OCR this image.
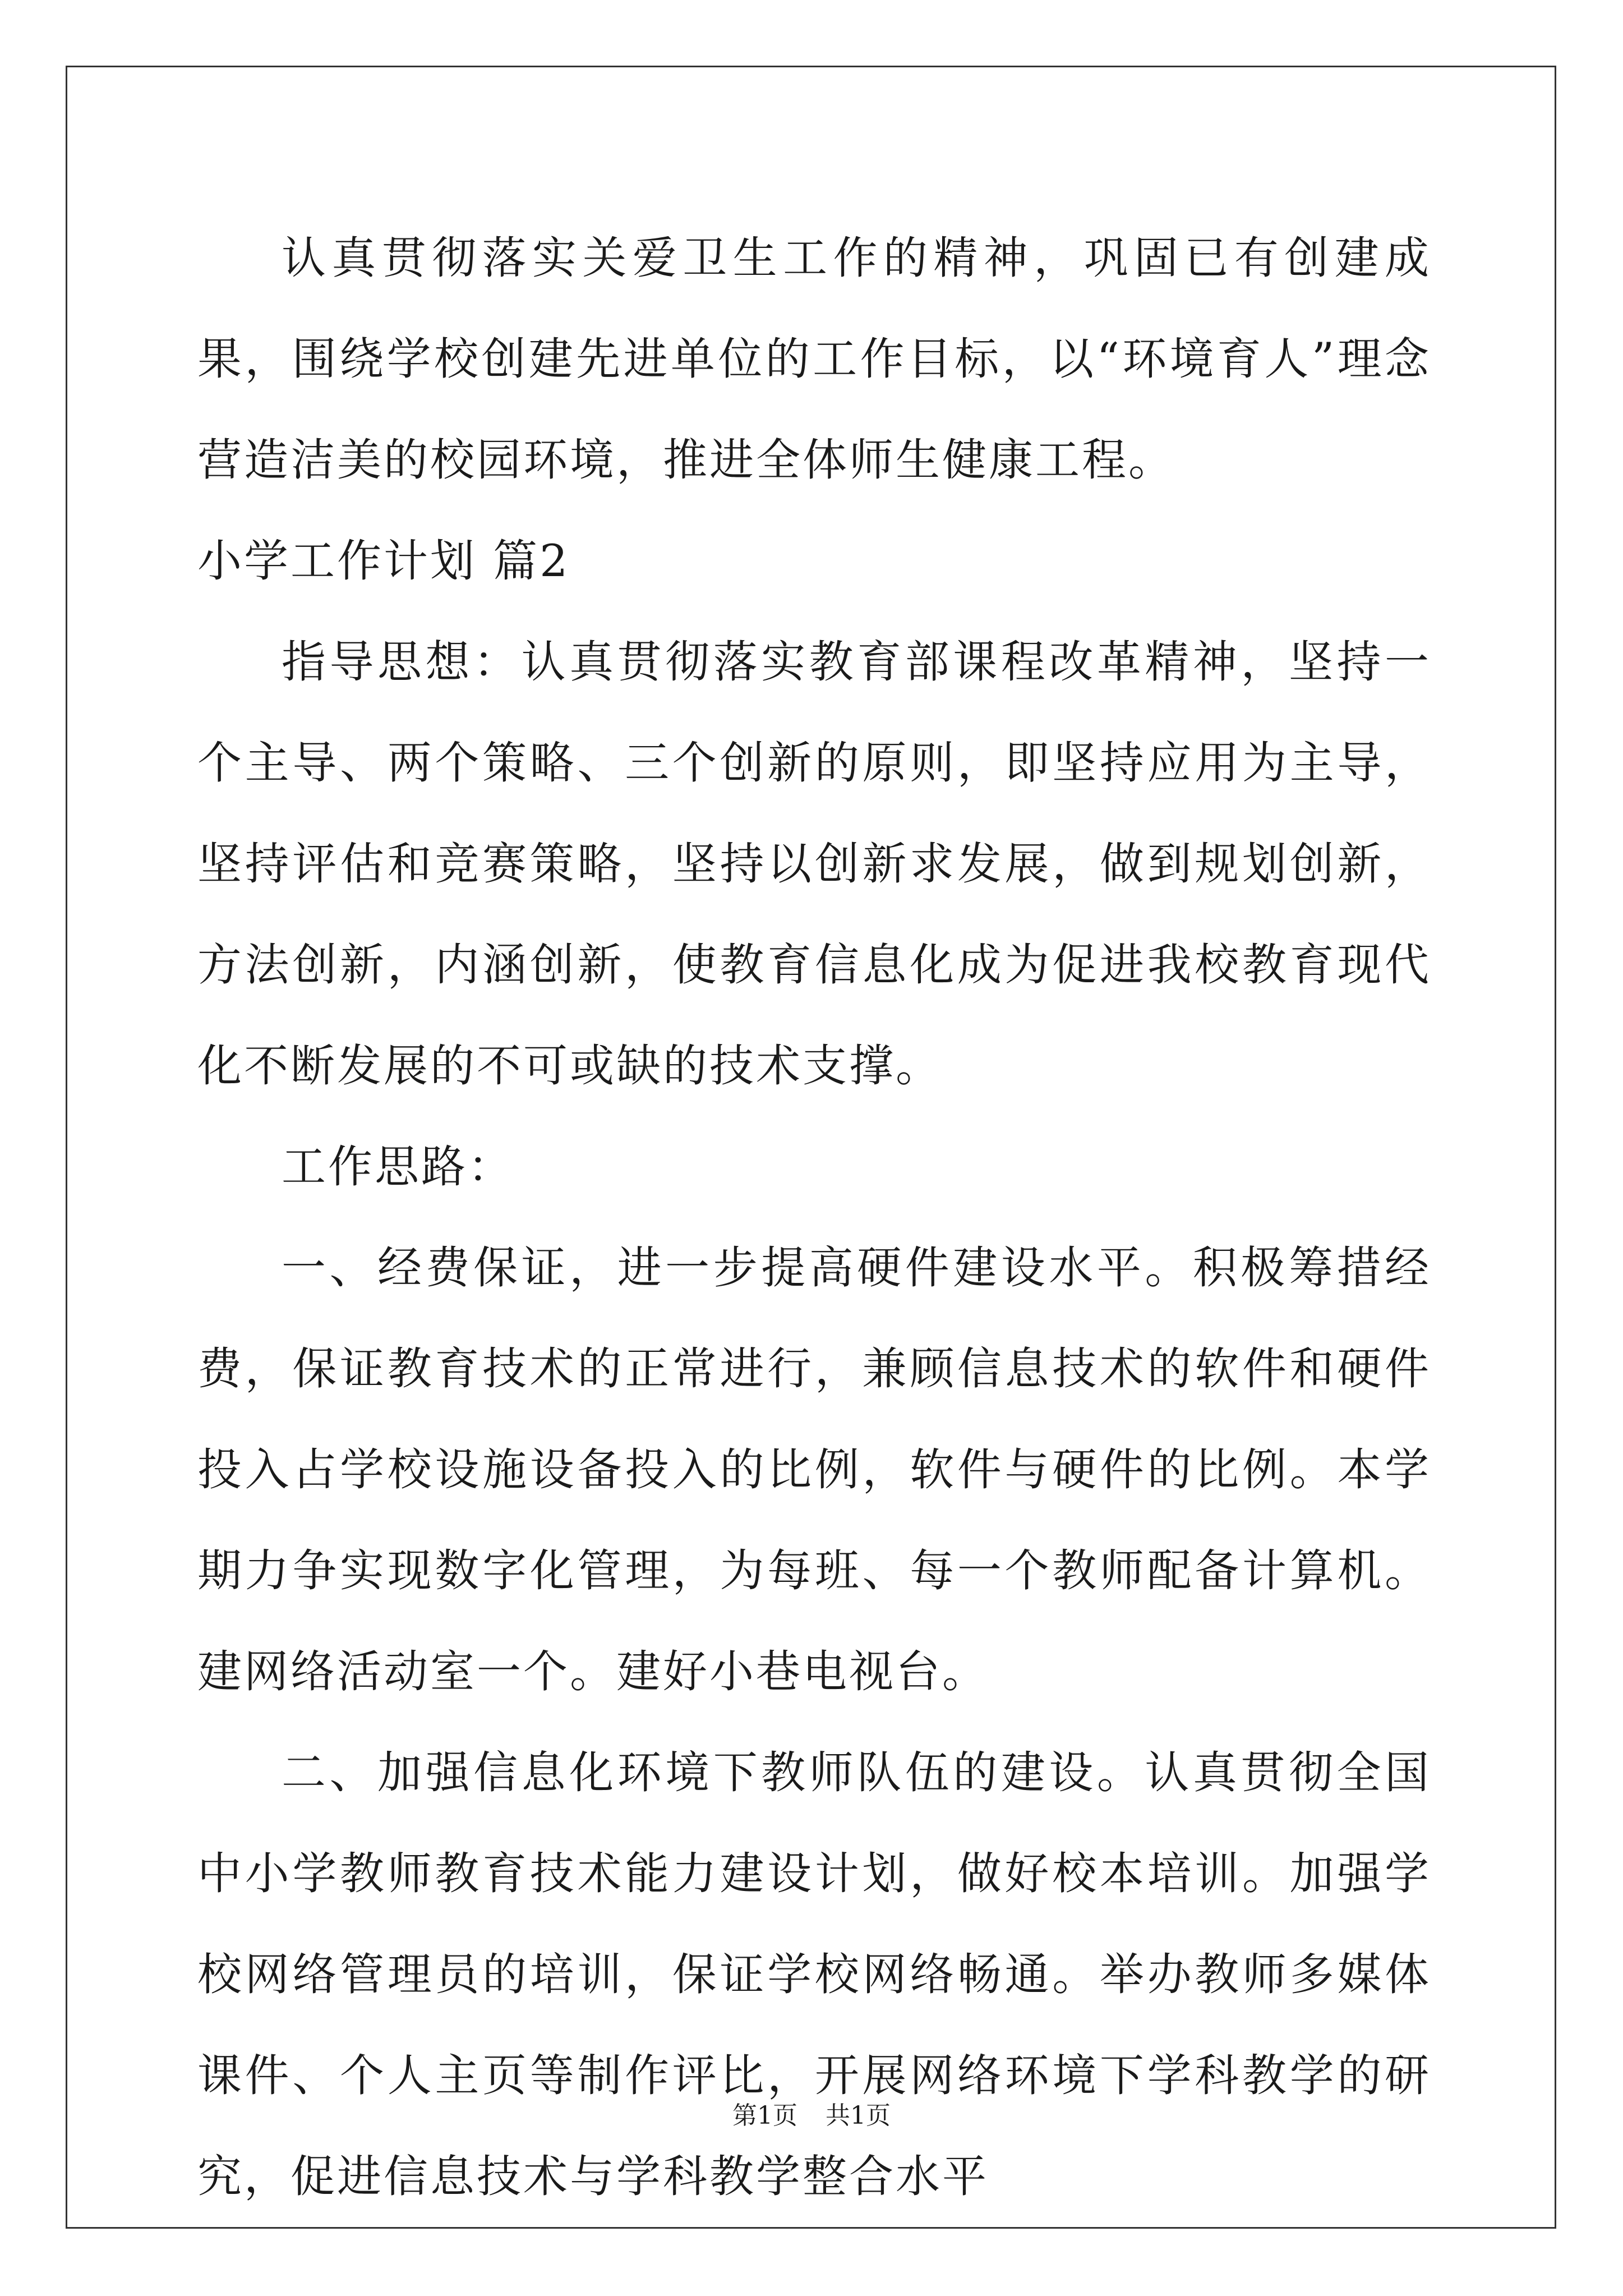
认真贯彻落实关爱卫生工作的精神，巩固已有创建成果，围绕学校创建先进单位的工作目标，以“环境育人”理念营造洁美的校园环境，推进全体师生健康工程。

小学工作计划 篇2

指导思想：认真贯彻落实教育部课程改革精神，坚持一个主导、两个策略、三个创新的原则，即坚持应用为主导，坚持评估和竞赛策略，坚持以创新求发展，做到规划创新，方法创新，内涵创新，使教育信息化成为促进我校教育现代化不断发展的不可或缺的技术支撑。

工作思路：

一、经费保证，进一步提高硬件建设水平。积极筹措经费，保证教育技术的正常进行，兼顾信息技术的软件和硬件投入占学校设施设备投入的比例，软件与硬件的比例。本学期力争实现数字化管理，为每班、每一个教师配备计算机。建网络活动室一个。建好小巷电视台。

二、加强信息化环境下教师队伍的建设。认真贯彻全国中小学教师教育技术能力建设计划，做好校本培训。加强学校网络管理员的培训，保证学校网络畅通。举办教师多媒体课件、个人主页等制作评比，开展网络环境下学科教学的研究，促进信息技术与学科教学整合水平

第1页 共1页
